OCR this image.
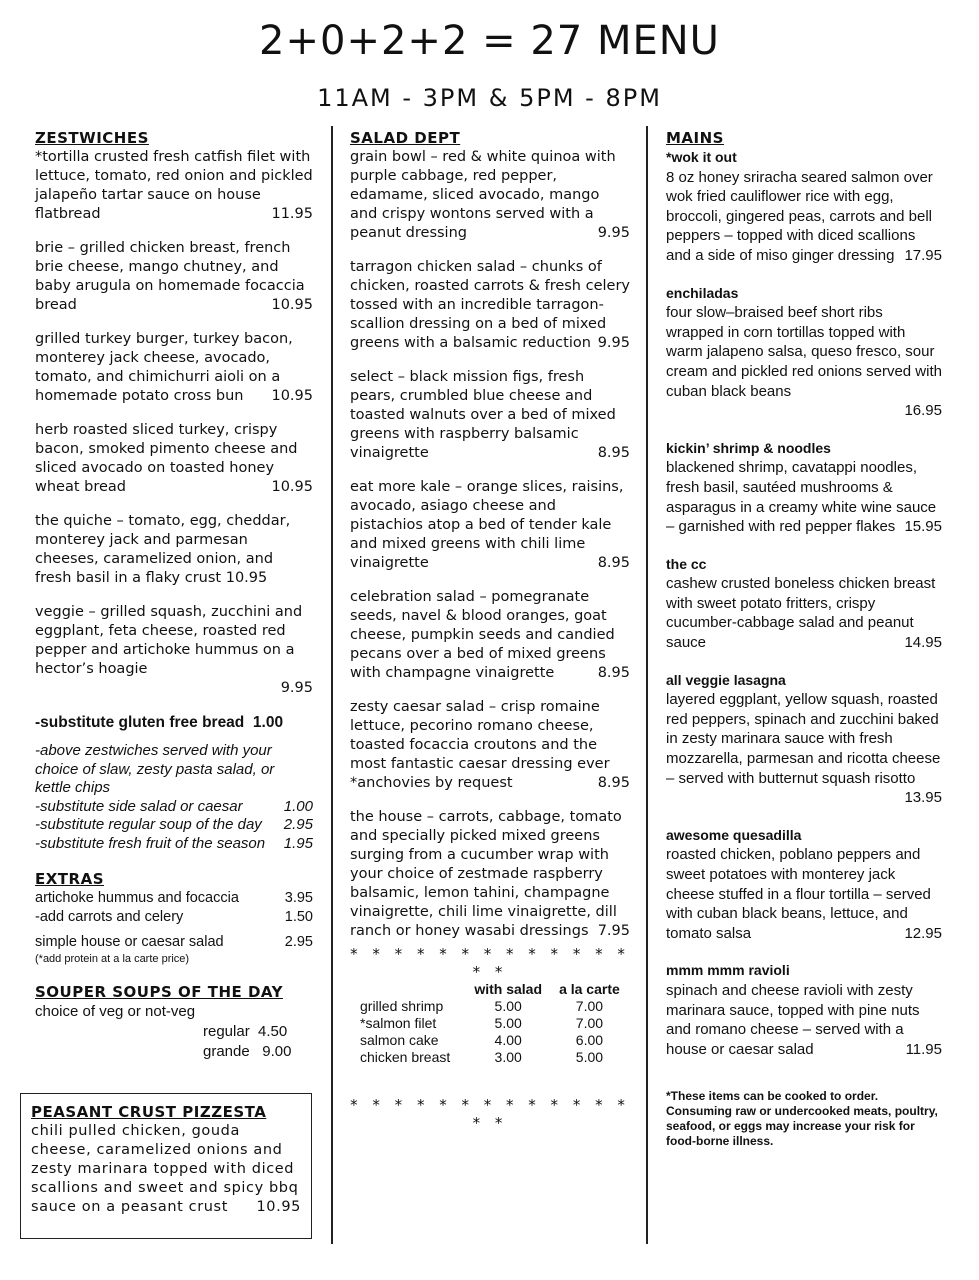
2+0+2+2 = 27 MENU
11AM - 3PM & 5PM - 8PM
ZESTWICHES
*tortilla crusted fresh catfish filet with lettuce, tomato, red onion and pickled jalapeño tartar sauce on house flatbread	11.95
brie – grilled chicken breast, french brie cheese, mango chutney, and baby arugula on homemade focaccia bread	10.95
grilled turkey burger, turkey bacon, monterey jack cheese, avocado, tomato, and chimichurri aioli on a homemade potato cross bun 10.95
herb roasted sliced turkey, crispy bacon, smoked pimento cheese and sliced avocado on toasted honey wheat bread	10.95
the quiche – tomato, egg, cheddar, monterey jack and parmesan cheeses, caramelized onion, and fresh basil in a flaky crust 10.95
veggie – grilled squash, zucchini and eggplant, feta cheese, roasted red pepper and artichoke hummus on a hector’s hoagie
9.95
-substitute gluten free bread 1.00
-above zestwiches served with your choice of slaw, zesty pasta salad, or kettle chips
-substitute side salad or caesar	1.00
-substitute regular soup of the day 2.95
-substitute fresh fruit of the season 1.95
EXTRAS
artichoke hummus and focaccia	3.95
-add carrots and celery	1.50
simple house or caesar salad	2.95
(*add protein at a la carte price)
SOUPER SOUPS OF THE DAY
choice of veg or not-veg
regular 4.50
grande 9.00
PEASANT CRUST PIZZESTA
chili pulled chicken, gouda cheese, caramelized onions and zesty marinara topped with diced scallions and sweet and spicy bbq sauce on a peasant crust 10.95
SALAD DEPT
grain bowl – red & white quinoa with purple cabbage, red pepper, edamame, sliced avocado, mango and crispy wontons served with a peanut dressing	9.95
tarragon chicken salad – chunks of chicken, roasted carrots & fresh celery tossed with an incredible tarragon-scallion dressing on a bed of mixed greens with a balsamic reduction 9.95
select – black mission figs, fresh pears, crumbled blue cheese and toasted walnuts over a bed of mixed greens with raspberry balsamic vinaigrette	8.95
eat more kale – orange slices, raisins, avocado, asiago cheese and pistachios atop a bed of tender kale and mixed greens with chili lime vinaigrette	8.95
celebration salad – pomegranate seeds, navel & blood oranges, goat cheese, pumpkin seeds and candied pecans over a bed of mixed greens with champagne vinaigrette	8.95
zesty caesar salad – crisp romaine lettuce, pecorino romano cheese, toasted focaccia croutons and the most fantastic caesar dressing ever
*anchovies by request	8.95
the house – carrots, cabbage, tomato and specially picked mixed greens surging from a cucumber wrap with your choice of zestmade raspberry balsamic, lemon tahini, champagne vinaigrette, chili lime vinaigrette, dill ranch or honey wasabi dressings 7.95
* * * * * * * * * * * * * * *
	with salad	a la carte
grilled shrimp	5.00	7.00
*salmon filet	5.00	7.00
salmon cake	4.00	6.00
chicken breast	3.00	5.00
* * * * * * * * * * * * * * *
MAINS
*wok it out
8 oz honey sriracha seared salmon over wok fried cauliflower rice with egg, broccoli, gingered peas, carrots and bell peppers – topped with diced scallions and a side of miso ginger dressing 17.95
enchiladas
four slow–braised beef short ribs wrapped in corn tortillas topped with warm jalapeno salsa, queso fresco, sour cream and pickled red onions served with cuban black beans
16.95
kickin’ shrimp & noodles
blackened shrimp, cavatappi noodles, fresh basil, sautéed mushrooms & asparagus in a creamy white wine sauce – garnished with red pepper flakes 15.95
the cc
cashew crusted boneless chicken breast with sweet potato fritters, crispy cucumber-cabbage salad and peanut sauce	14.95
all veggie lasagna
layered eggplant, yellow squash, roasted red peppers, spinach and zucchini baked in zesty marinara sauce with fresh mozzarella, parmesan and ricotta cheese – served with butternut squash risotto
13.95
awesome quesadilla
roasted chicken, poblano peppers and sweet potatoes with monterey jack cheese stuffed in a flour tortilla – served with cuban black beans, lettuce, and tomato salsa	12.95
mmm mmm ravioli
spinach and cheese ravioli with zesty marinara sauce, topped with pine nuts and romano cheese – served with a house or caesar salad	11.95
*These items can be cooked to order. Consuming raw or undercooked meats, poultry, seafood, or eggs may increase your risk for food-borne illness.
